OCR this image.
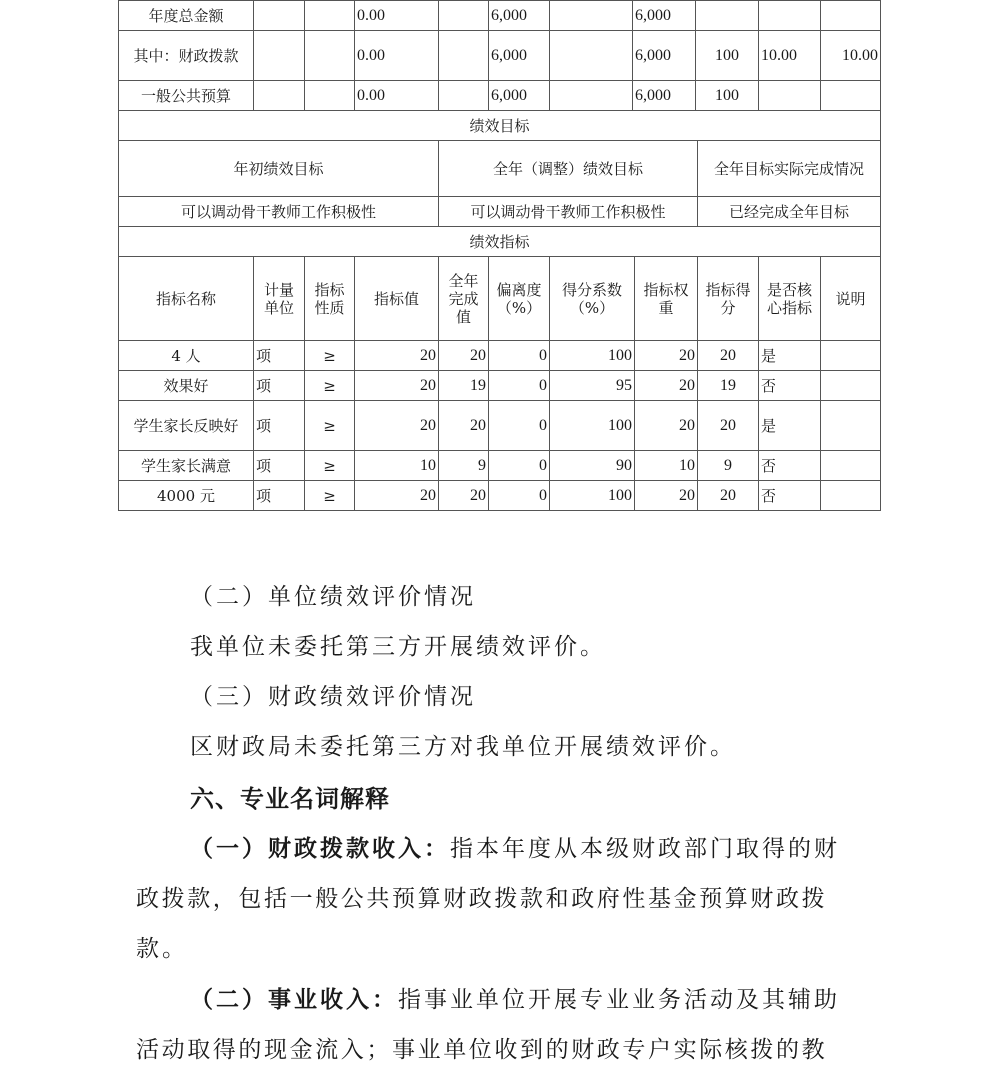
年度总金额			0.00		6,000		6,000			
其中：财政拨款			0.00		6,000		6,000	100	10.00	10.00
一般公共预算			0.00		6,000		6,000	100		
绩效目标										
年初绩效目标				全年（调整）绩效目标				全年目标实际完成情况		
可以调动骨干教师工作积极性				可以调动骨干教师工作积极性				已经完成全年目标		
绩效指标										
指标名称	计量单位	指标性质	指标值	全年完成值	偏离度（%）	得分系数（%）	指标权重	指标得分	是否核心指标	说明
4 人	项	≥	20	20	0	100	20	20	是	
效果好	项	≥	20	19	0	95	20	19	否	
学生家长反映好	项	≥	20	20	0	100	20	20	是	
学生家长满意	项	≥	10	9	0	90	10	9	否	
4000 元	项	≥	20	20	0	100	20	20	否	
（二）单位绩效评价情况
我单位未委托第三方开展绩效评价。
（三）财政绩效评价情况
区财政局未委托第三方对我单位开展绩效评价。
六、专业名词解释
（一）财政拨款收入：指本年度从本级财政部门取得的财
政拨款，包括一般公共预算财政拨款和政府性基金预算财政拨
款。
（二）事业收入：指事业单位开展专业业务活动及其辅助
活动取得的现金流入；事业单位收到的财政专户实际核拨的教
